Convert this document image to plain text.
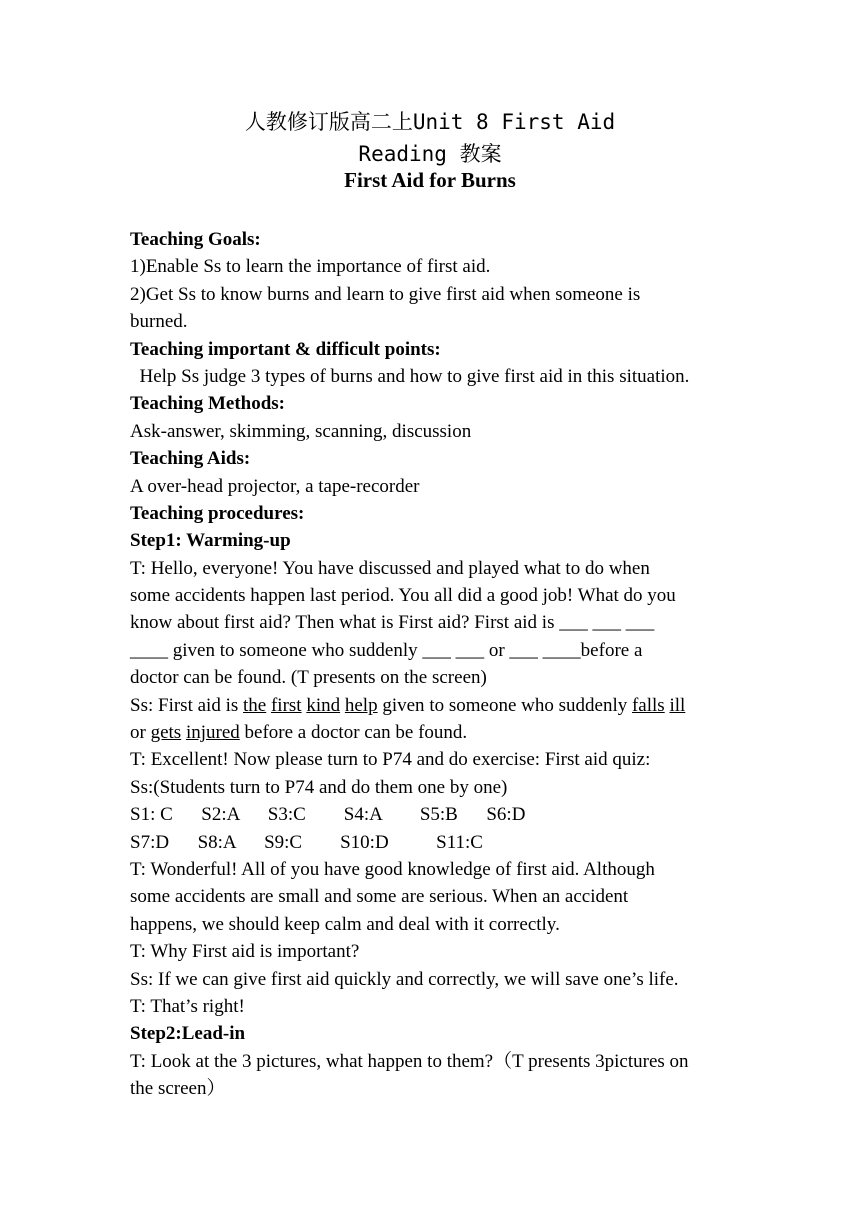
人教修订版高二上Unit 8 First Aid
Reading 教案
First Aid for Burns
Teaching Goals:
1)Enable Ss to learn the importance of first aid.
2)Get Ss to know burns and learn to give first aid when someone is
burned.
Teaching important & difficult points:
Help Ss judge 3 types of burns and how to give first aid in this situation.
Teaching Methods:
Ask-answer, skimming, scanning, discussion
Teaching Aids:
A over-head projector, a tape-recorder
Teaching procedures:
Step1: Warming-up
T: Hello, everyone! You have discussed and played what to do when
some accidents happen last period. You all did a good job! What do you
know about first aid? Then what is First aid? First aid is ___ ___ ___
____ given to someone who suddenly ___ ___ or ___ ____before a
doctor can be found. (T presents on the screen)
Ss: First aid is the first kind help given to someone who suddenly falls ill
or gets injured before a doctor can be found.
T: Excellent! Now please turn to P74 and do exercise: First aid quiz:
Ss:(Students turn to P74 and do them one by one)
S1: C      S2:A      S3:C        S4:A        S5:B      S6:D
S7:D      S8:A      S9:C        S10:D          S11:C
T: Wonderful! All of you have good knowledge of first aid. Although
some accidents are small and some are serious. When an accident
happens, we should keep calm and deal with it correctly.
T: Why First aid is important?
Ss: If we can give first aid quickly and correctly, we will save one’s life.
T: That’s right!
Step2:Lead-in
T: Look at the 3 pictures, what happen to them?（T presents 3pictures on
the screen）
